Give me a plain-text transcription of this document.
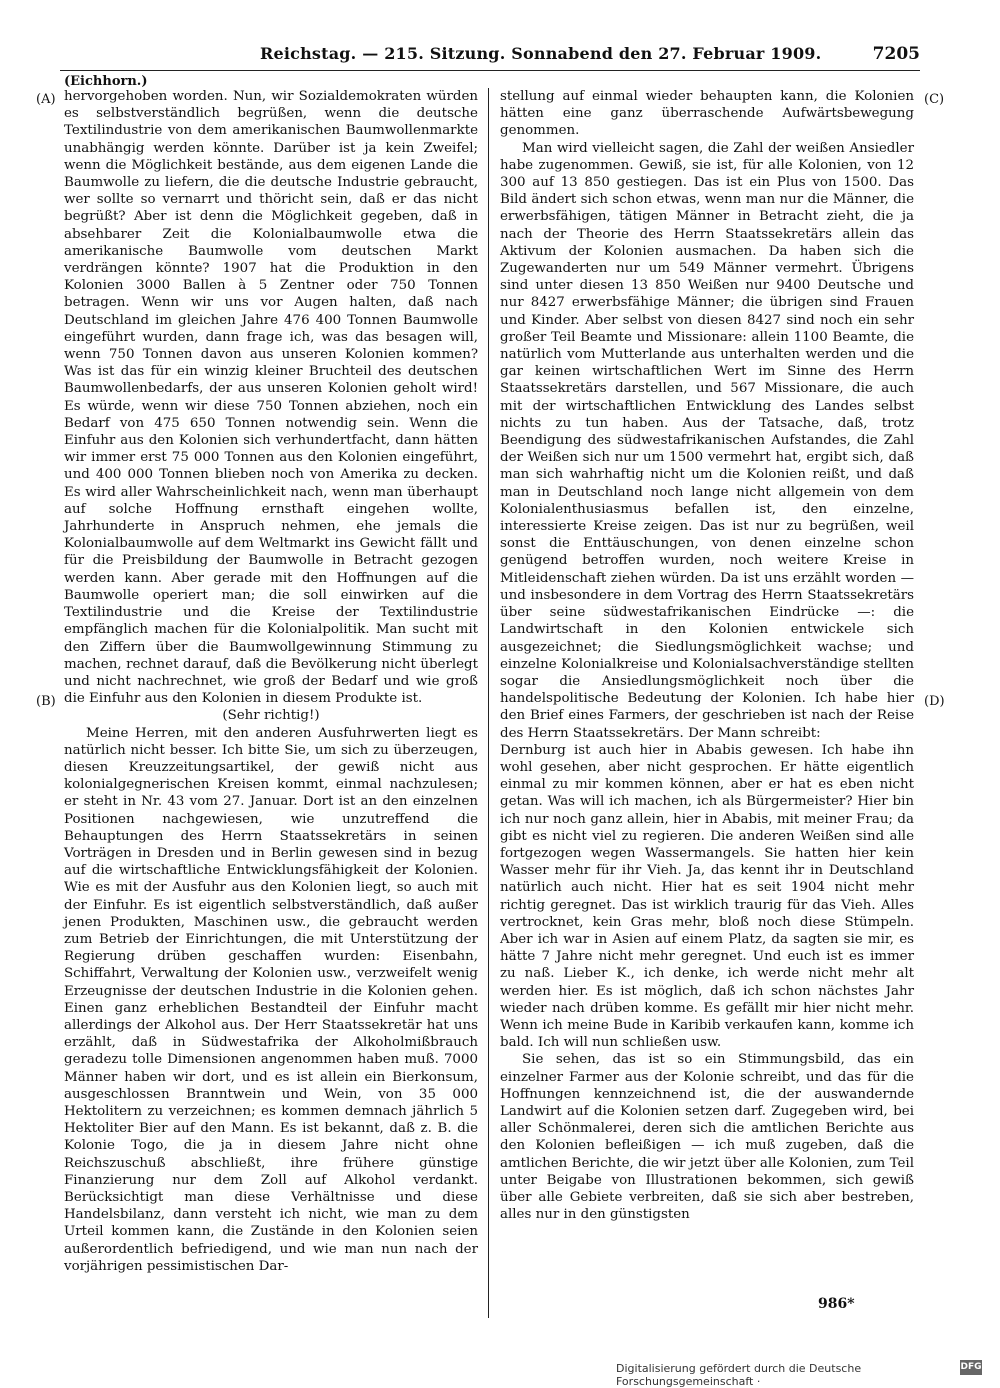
Reichstag. — 215. Sitzung. Sonnabend den 27. Februar 1909.	7205
(Eichhorn.)
(A)
(B)
(C)
(D)

hervorgehoben worden. Nun, wir Sozialdemokraten würden es selbstverständlich begrüßen, wenn die deutsche Textilindustrie von dem amerikanischen Baumwollenmarkte unabhängig werden könnte. Darüber ist ja kein Zweifel; wenn die Möglichkeit bestände, aus dem eigenen Lande die Baumwolle zu liefern, die die deutsche Industrie gebraucht, wer sollte so vernarrt und thöricht sein, daß er das nicht begrüßt? Aber ist denn die Möglichkeit gegeben, daß in absehbarer Zeit die Kolonialbaumwolle etwa die amerikanische Baumwolle vom deutschen Markt verdrängen könnte? 1907 hat die Produktion in den Kolonien 3000 Ballen à 5 Zentner oder 750 Tonnen betragen. Wenn wir uns vor Augen halten, daß nach Deutschland im gleichen Jahre 476 400 Tonnen Baumwolle eingeführt wurden, dann frage ich, was das besagen will, wenn 750 Tonnen davon aus unseren Kolonien kommen? Was ist das für ein winzig kleiner Bruchteil des deutschen Baumwollenbedarfs, der aus unseren Kolonien geholt wird! Es würde, wenn wir diese 750 Tonnen abziehen, noch ein Bedarf von 475 650 Tonnen notwendig sein. Wenn die Einfuhr aus den Kolonien sich verhundertfacht, dann hätten wir immer erst 75 000 Tonnen aus den Kolonien eingeführt, und 400 000 Tonnen blieben noch von Amerika zu decken. Es wird aller Wahrscheinlichkeit nach, wenn man überhaupt auf solche Hoffnung ernsthaft eingehen wollte, Jahrhunderte in Anspruch nehmen, ehe jemals die Kolonialbaumwolle auf dem Weltmarkt ins Gewicht fällt und für die Preisbildung der Baumwolle in Betracht gezogen werden kann. Aber gerade mit den Hoffnungen auf die Baumwolle operiert man; die soll einwirken auf die Textilindustrie und die Kreise der Textilindustrie empfänglich machen für die Kolonialpolitik. Man sucht mit den Ziffern über die Baumwollgewinnung Stimmung zu machen, rechnet darauf, daß die Bevölkerung nicht überlegt und nicht nachrechnet, wie groß der Bedarf und wie groß die Einfuhr aus den Kolonien in diesem Produkte ist.

(Sehr richtig!)

Meine Herren, mit den anderen Ausfuhrwerten liegt es natürlich nicht besser. Ich bitte Sie, um sich zu überzeugen, diesen Kreuzzeitungsartikel, der gewiß nicht aus kolonialgegnerischen Kreisen kommt, einmal nachzulesen; er steht in Nr. 43 vom 27. Januar. Dort ist an den einzelnen Positionen nachgewiesen, wie unzutreffend die Behauptungen des Herrn Staatssekretärs in seinen Vorträgen in Dresden und in Berlin gewesen sind in bezug auf die wirtschaftliche Entwicklungsfähigkeit der Kolonien. Wie es mit der Ausfuhr aus den Kolonien liegt, so auch mit der Einfuhr. Es ist eigentlich selbstverständlich, daß außer jenen Produkten, Maschinen usw., die gebraucht werden zum Betrieb der Einrichtungen, die mit Unterstützung der Regierung drüben geschaffen wurden: Eisenbahn, Schiffahrt, Verwaltung der Kolonien usw., verzweifelt wenig Erzeugnisse der deutschen Industrie in die Kolonien gehen. Einen ganz erheblichen Bestandteil der Einfuhr macht allerdings der Alkohol aus. Der Herr Staatssekretär hat uns erzählt, daß in Südwestafrika der Alkoholmißbrauch geradezu tolle Dimensionen angenommen haben muß. 7000 Männer haben wir dort, und es ist allein ein Bierkonsum, ausgeschlossen Branntwein und Wein, von 35 000 Hektolitern zu verzeichnen; es kommen demnach jährlich 5 Hektoliter Bier auf den Mann. Es ist bekannt, daß z. B. die Kolonie Togo, die ja in diesem Jahre nicht ohne Reichszuschuß abschließt, ihre frühere günstige Finanzierung nur dem Zoll auf Alkohol verdankt. Berücksichtigt man diese Verhältnisse und diese Handelsbilanz, dann versteht ich nicht, wie man zu dem Urteil kommen kann, die Zustände in den Kolonien seien außerordentlich befriedigend, und wie man nun nach der vorjährigen pessimistischen Dar-

stellung auf einmal wieder behaupten kann, die Kolonien hätten eine ganz überraschende Aufwärtsbewegung genommen.

Man wird vielleicht sagen, die Zahl der weißen Ansiedler habe zugenommen. Gewiß, sie ist, für alle Kolonien, von 12 300 auf 13 850 gestiegen. Das ist ein Plus von 1500. Das Bild ändert sich schon etwas, wenn man nur die Männer, die erwerbsfähigen, tätigen Männer in Betracht zieht, die ja nach der Theorie des Herrn Staatssekretärs allein das Aktivum der Kolonien ausmachen. Da haben sich die Zugewanderten nur um 549 Männer vermehrt. Übrigens sind unter diesen 13 850 Weißen nur 9400 Deutsche und nur 8427 erwerbsfähige Männer; die übrigen sind Frauen und Kinder. Aber selbst von diesen 8427 sind noch ein sehr großer Teil Beamte und Missionare: allein 1100 Beamte, die natürlich vom Mutterlande aus unterhalten werden und die gar keinen wirtschaftlichen Wert im Sinne des Herrn Staatssekretärs darstellen, und 567 Missionare, die auch mit der wirtschaftlichen Entwicklung des Landes selbst nichts zu tun haben. Aus der Tatsache, daß, trotz Beendigung des südwestafrikanischen Aufstandes, die Zahl der Weißen sich nur um 1500 vermehrt hat, ergibt sich, daß man sich wahrhaftig nicht um die Kolonien reißt, und daß man in Deutschland noch lange nicht allgemein von dem Kolonialenthusiasmus befallen ist, den einzelne, interessierte Kreise zeigen. Das ist nur zu begrüßen, weil sonst die Enttäuschungen, von denen einzelne schon genügend betroffen wurden, noch weitere Kreise in Mitleidenschaft ziehen würden. Da ist uns erzählt worden — und insbesondere in dem Vortrag des Herrn Staatssekretärs über seine südwestafrikanischen Eindrücke —: die Landwirtschaft in den Kolonien entwickele sich ausgezeichnet; die Siedlungsmöglichkeit wachse; und einzelne Kolonialkreise und Kolonialsachverständige stellten sogar die Ansiedlungsmöglichkeit noch über die handelspolitische Bedeutung der Kolonien. Ich habe hier den Brief eines Farmers, der geschrieben ist nach der Reise des Herrn Staatssekretärs. Der Mann schreibt:

Dernburg ist auch hier in Ababis gewesen. Ich habe ihn wohl gesehen, aber nicht gesprochen. Er hätte eigentlich einmal zu mir kommen können, aber er hat es eben nicht getan. Was will ich machen, ich als Bürgermeister? Hier bin ich nur noch ganz allein, hier in Ababis, mit meiner Frau; da gibt es nicht viel zu regieren. Die anderen Weißen sind alle fortgezogen wegen Wassermangels. Sie hatten hier kein Wasser mehr für ihr Vieh. Ja, das kennt ihr in Deutschland natürlich auch nicht. Hier hat es seit 1904 nicht mehr richtig geregnet. Das ist wirklich traurig für das Vieh. Alles vertrocknet, kein Gras mehr, bloß noch diese Stümpeln. Aber ich war in Asien auf einem Platz, da sagten sie mir, es hätte 7 Jahre nicht mehr geregnet. Und euch ist es immer zu naß. Lieber K., ich denke, ich werde nicht mehr alt werden hier. Es ist möglich, daß ich schon nächstes Jahr wieder nach drüben komme. Es gefällt mir hier nicht mehr. Wenn ich meine Bude in Karibib verkaufen kann, komme ich bald. Ich will nun schließen usw.

Sie sehen, das ist so ein Stimmungsbild, das ein einzelner Farmer aus der Kolonie schreibt, und das für die Hoffnungen kennzeichnend ist, die der auswandernde Landwirt auf die Kolonien setzen darf. Zugegeben wird, bei aller Schönmalerei, deren sich die amtlichen Berichte aus den Kolonien befleißigen — ich muß zugeben, daß die amtlichen Berichte, die wir jetzt über alle Kolonien, zum Teil unter Beigabe von Illustrationen bekommen, sich gewiß über alle Gebiete verbreiten, daß sie sich aber bestreben, alles nur in den günstigsten

986*
Digitalisierung gefördert durch die Deutsche Forschungsgemeinschaft ·
DFG
